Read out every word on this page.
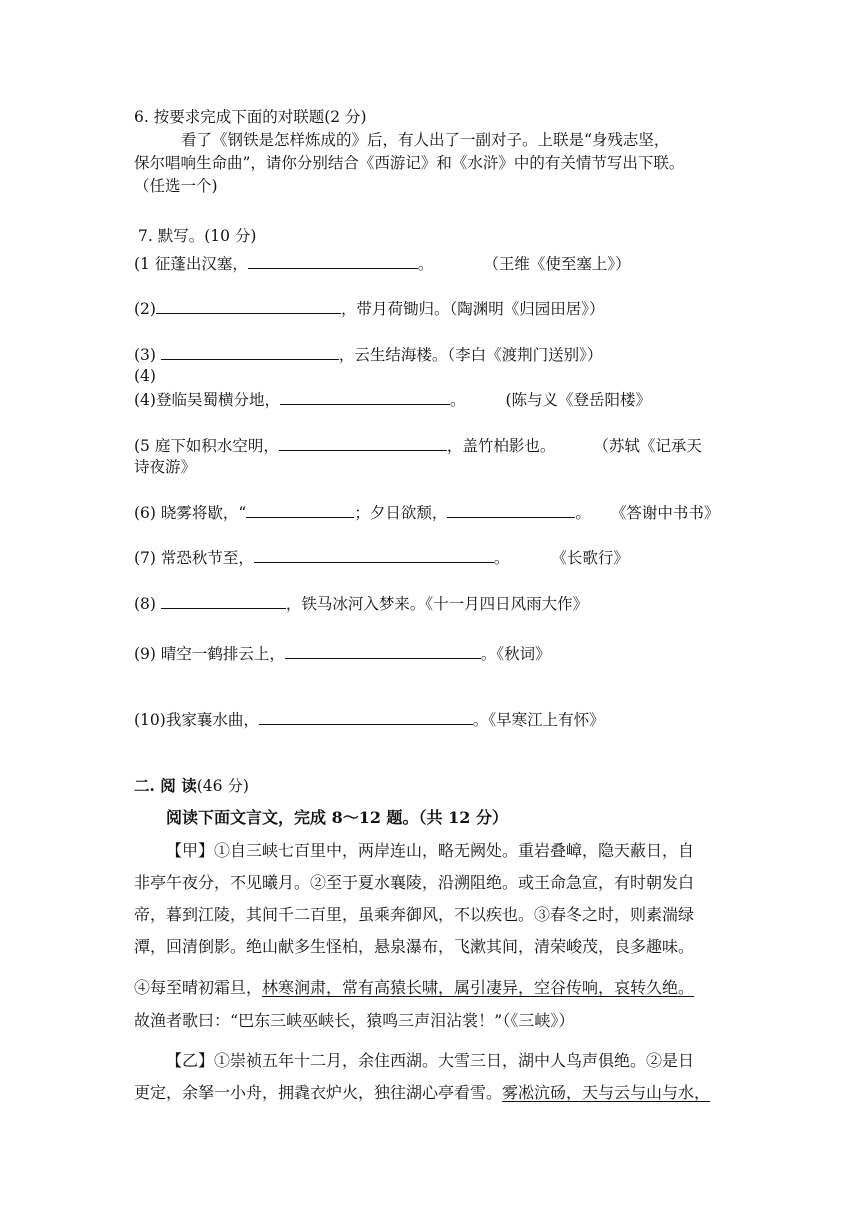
6. 按要求完成下面的对联题(2 分)
看了《钢铁是怎样炼成的》后，有人出了一副对子。上联是“身残志坚，
保尔唱响生命曲”，请你分别结合《西游记》和《水浒》中的有关情节写出下联。
（任选一个)
7. 默写。(10 分)
(1 征蓬出汉塞，	。	（王维《使至塞上》）
(2)	，带月荷锄归。（陶渊明《归园田居》）
(3)	，云生结海楼。（李白《渡荆门送别》）
(4)
(4)登临吴蜀横分地，	。	(陈与义《登岳阳楼》
(5 庭下如积水空明，	，盖竹柏影也。 （苏轼《记承天
诗夜游》
(6) 晓雾将歇，“	；夕日欲颓，	。 《答谢中书书》
(7) 常恐秋节至，	。	《长歌行》
(8)	，铁马冰河入梦来。《十一月四日风雨大作》
(9) 晴空一鹤排云上，	。《秋词》
(10)我家襄水曲，	。《早寒江上有怀》
二. 阅 读(46 分)
阅读下面文言文，完成 8～12 题。（共 12 分）
【甲】①自三峡七百里中，两岸连山，略无阙处。重岩叠嶂，隐天蔽日，自
非亭午夜分，不见曦月。②至于夏水襄陵，沿溯阻绝。或王命急宣，有时朝发白
帝，暮到江陵，其间千二百里，虽乘奔御风，不以疾也。③春冬之时，则素湍绿
潭，回清倒影。绝山献多生怪柏，悬泉瀑布，飞漱其间，清荣峻茂，良多趣味。
④每至晴初霜旦，林寒涧肃，常有高猿长啸，属引凄异，空谷传响，哀转久绝。
故渔者歌曰：“巴东三峡巫峡长，猿鸣三声泪沾裳！”（《三峡》）
【乙】①崇祯五年十二月，余住西湖。大雪三日，湖中人鸟声俱绝。②是日
更定，余拏一小舟，拥毳衣炉火，独往湖心亭看雪。雾凇沆砀，天与云与山与水，
